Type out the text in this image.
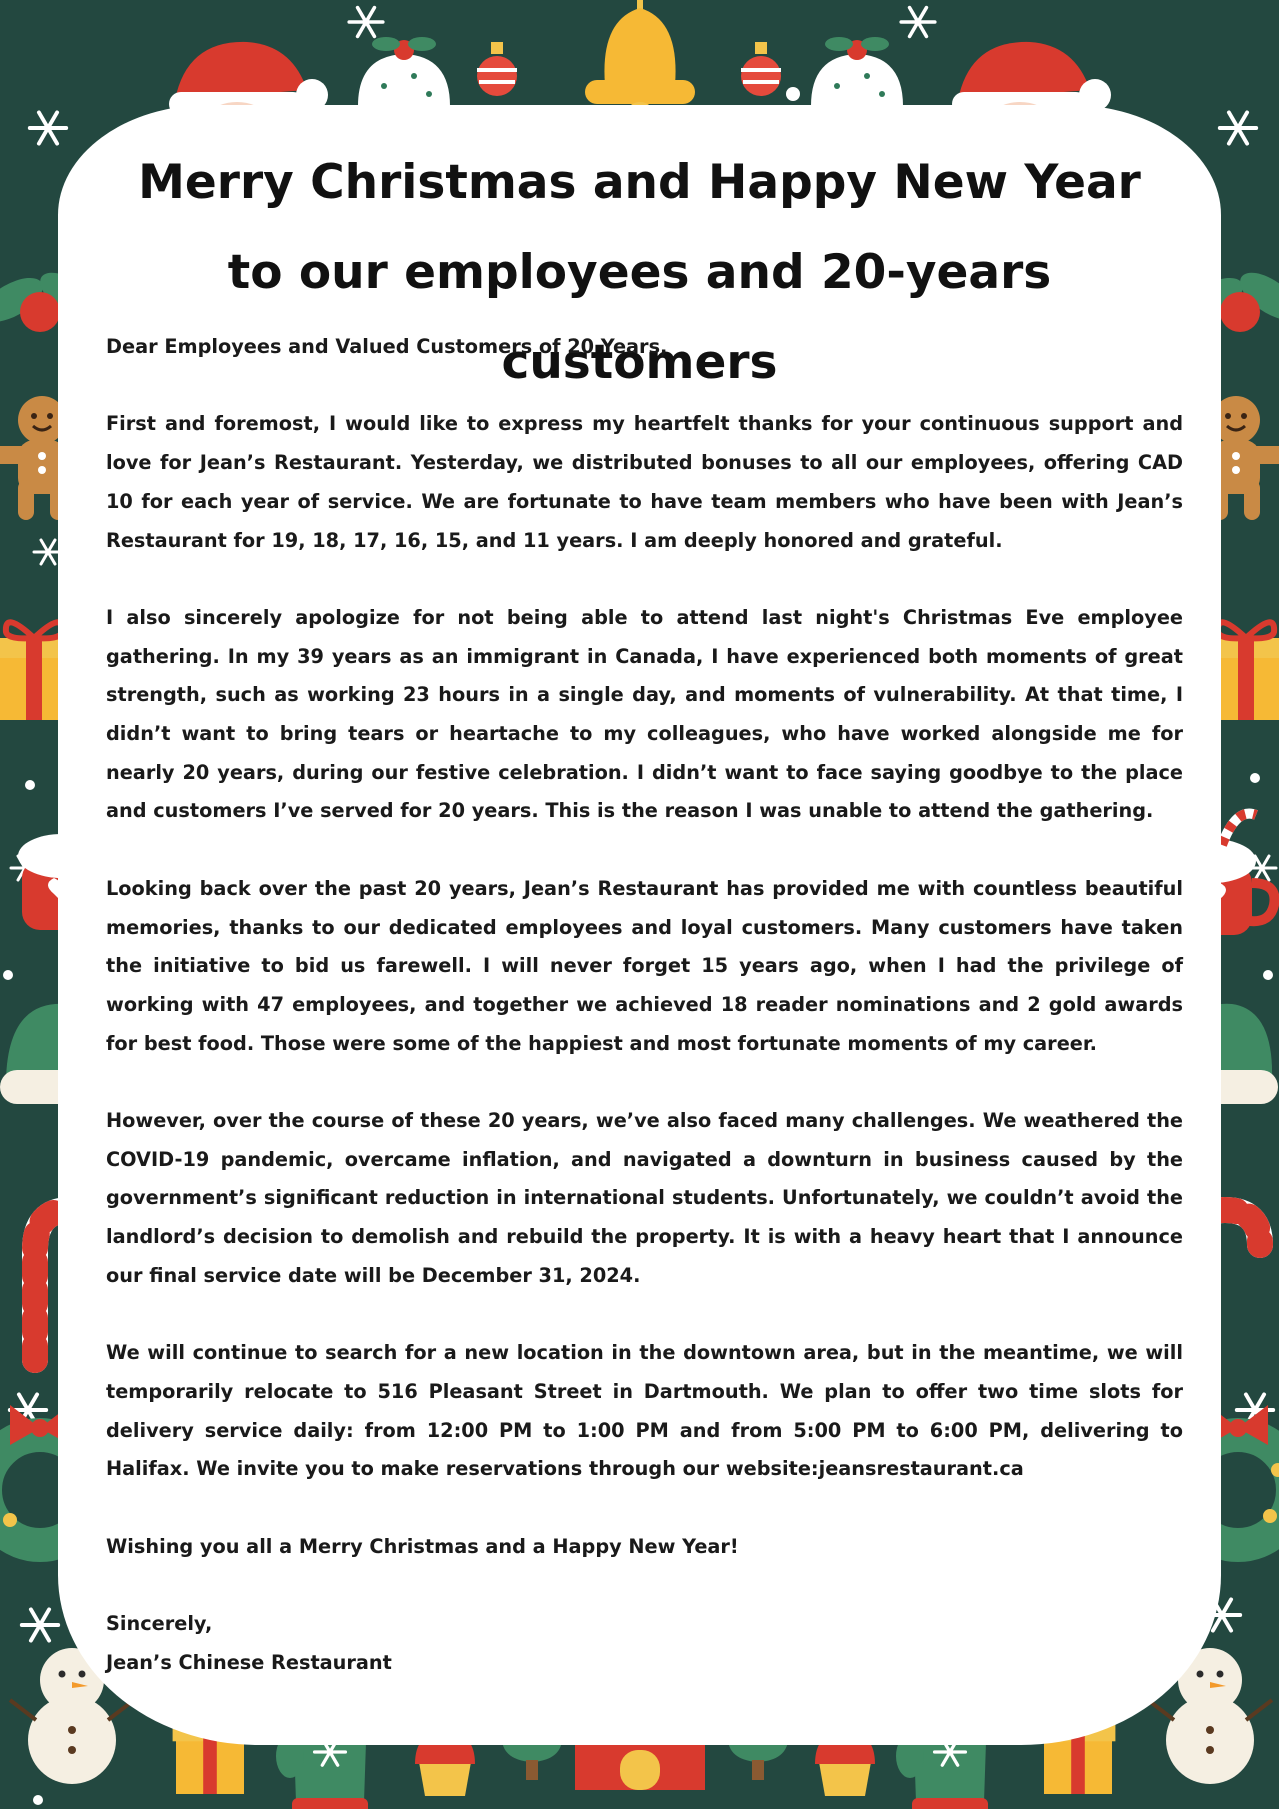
Merry Christmas and Happy New Year to our employees and 20-years customers

Dear Employees and Valued Customers of 20 Years,

First and foremost, I would like to express my heartfelt thanks for your continuous support and love for Jean’s Restaurant. Yesterday, we distributed bonuses to all our employees, offering CAD 10 for each year of service. We are fortunate to have team members who have been with Jean’s Restaurant for 19, 18, 17, 16, 15, and 11 years. I am deeply honored and grateful.

I also sincerely apologize for not being able to attend last night's Christmas Eve employee gathering. In my 39 years as an immigrant in Canada, I have experienced both moments of great strength, such as working 23 hours in a single day, and moments of vulnerability. At that time, I didn’t want to bring tears or heartache to my colleagues, who have worked alongside me for nearly 20 years, during our festive celebration. I didn’t want to face saying goodbye to the place and customers I’ve served for 20 years. This is the reason I was unable to attend the gathering.

Looking back over the past 20 years, Jean’s Restaurant has provided me with countless beautiful memories, thanks to our dedicated employees and loyal customers. Many customers have taken the initiative to bid us farewell. I will never forget 15 years ago, when I had the privilege of working with 47 employees, and together we achieved 18 reader nominations and 2 gold awards for best food. Those were some of the happiest and most fortunate moments of my career.

However, over the course of these 20 years, we’ve also faced many challenges. We weathered the COVID-19 pandemic, overcame inflation, and navigated a downturn in business caused by the government’s significant reduction in international students. Unfortunately, we couldn’t avoid the landlord’s decision to demolish and rebuild the property. It is with a heavy heart that I announce our final service date will be December 31, 2024.

We will continue to search for a new location in the downtown area, but in the meantime, we will temporarily relocate to 516 Pleasant Street in Dartmouth. We plan to offer two time slots for delivery service daily: from 12:00 PM to 1:00 PM and from 5:00 PM to 6:00 PM, delivering to Halifax. We invite you to make reservations through our website:jeansrestaurant.ca

Wishing you all a Merry Christmas and a Happy New Year!

Sincerely,

Jean’s Chinese Restaurant
